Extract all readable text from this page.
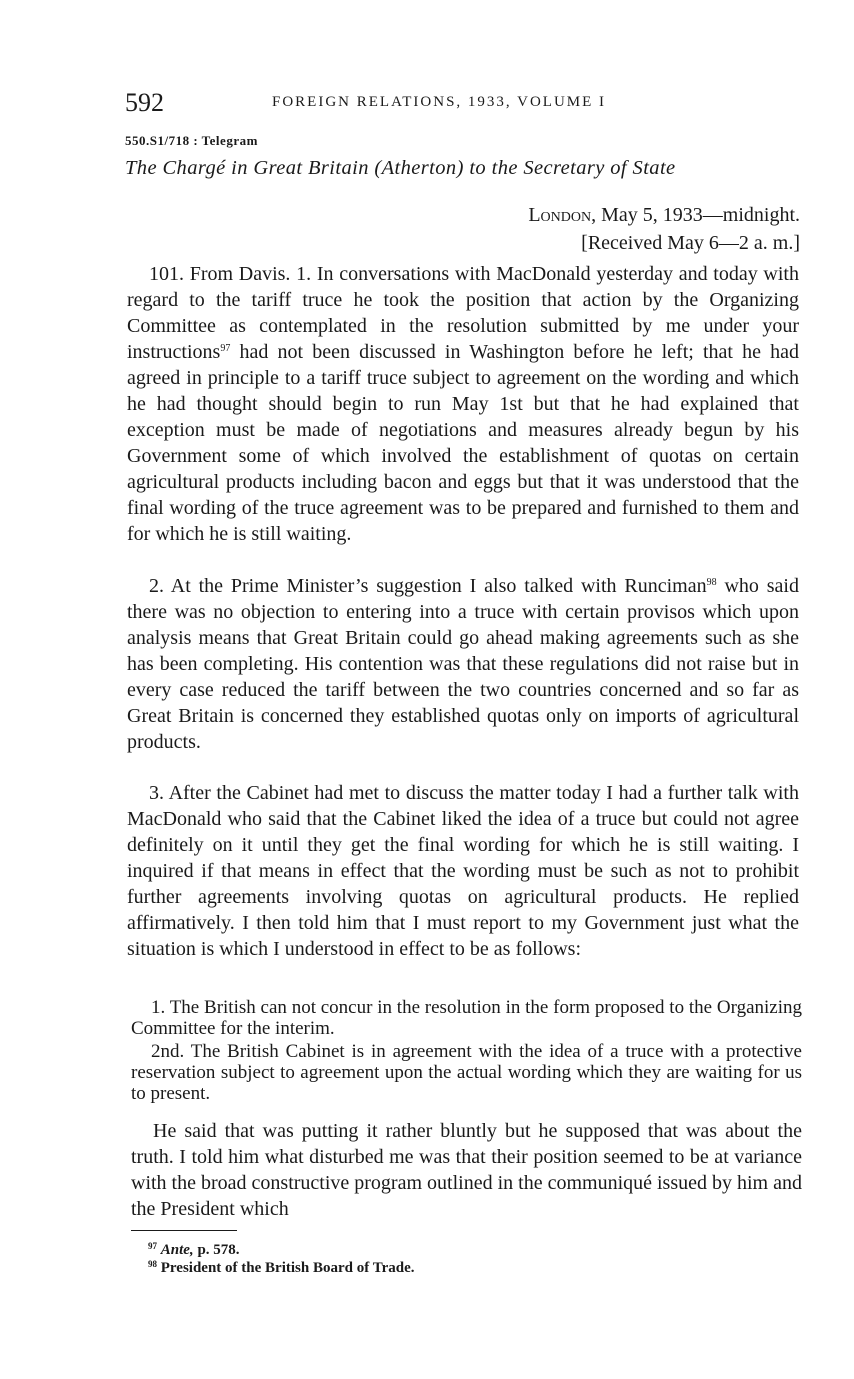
592	FOREIGN RELATIONS, 1933, VOLUME I
550.S1/718 : Telegram
The Chargé in Great Britain (Atherton) to the Secretary of State
London, May 5, 1933—midnight.
[Received May 6—2 a. m.]

101. From Davis. 1. In conversations with MacDonald yesterday and today with regard to the tariff truce he took the position that action by the Organizing Committee as contemplated in the resolution submitted by me under your instructions$^{97}$ had not been discussed in Washington before he left; that he had agreed in principle to a tariff truce subject to agreement on the wording and which he had thought should begin to run May 1st but that he had explained that exception must be made of negotiations and measures already begun by his Government some of which involved the establishment of quotas on certain agricultural products including bacon and eggs but that it was understood that the final wording of the truce agreement was to be prepared and furnished to them and for which he is still waiting.

2. At the Prime Minister’s suggestion I also talked with Runciman$^{98}$ who said there was no objection to entering into a truce with certain provisos which upon analysis means that Great Britain could go ahead making agreements such as she has been completing. His contention was that these regulations did not raise but in every case reduced the tariff between the two countries concerned and so far as Great Britain is concerned they established quotas only on imports of agricultural products.

3. After the Cabinet had met to discuss the matter today I had a further talk with MacDonald who said that the Cabinet liked the idea of a truce but could not agree definitely on it until they get the final wording for which he is still waiting. I inquired if that means in effect that the wording must be such as not to prohibit further agreements involving quotas on agricultural products. He replied affirmatively. I then told him that I must report to my Government just what the situation is which I understood in effect to be as follows:

1. The British can not concur in the resolution in the form proposed to the Organizing Committee for the interim.

2nd. The British Cabinet is in agreement with the idea of a truce with a protective reservation subject to agreement upon the actual wording which they are waiting for us to present.

He said that was putting it rather bluntly but he supposed that was about the truth. I told him what disturbed me was that their position seemed to be at variance with the broad constructive program outlined in the communiqué issued by him and the President which

$^{97}$ Ante, p. 578.
$^{98}$ President of the British Board of Trade.
